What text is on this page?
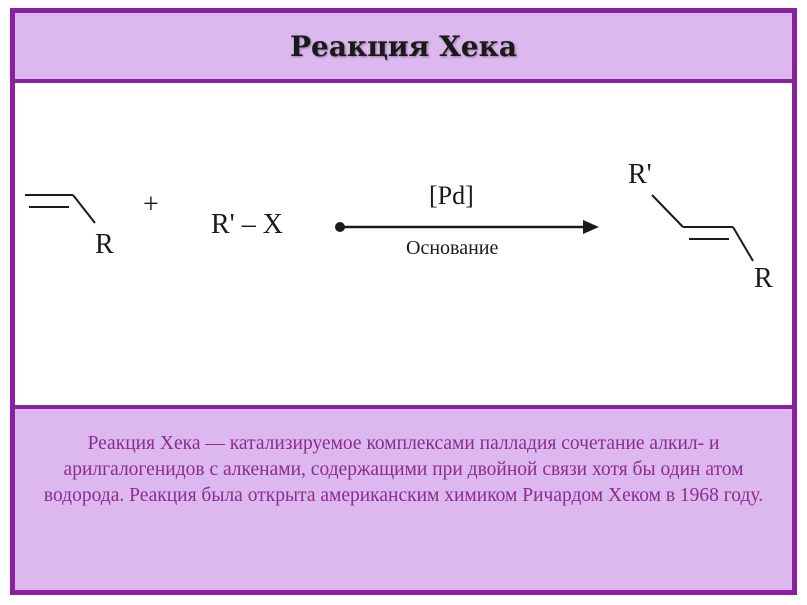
Реакция Хека
R
+
R' – X
[Pd]
Основание
R'
R
Реакция Хека — катализируемое комплексами палладия сочетание алкил- и арилгалогенидов с алкенами, содержащими при двойной связи хотя бы один атом водорода. Реакция была открыта американским химиком Ричардом Хеком в 1968 году.
